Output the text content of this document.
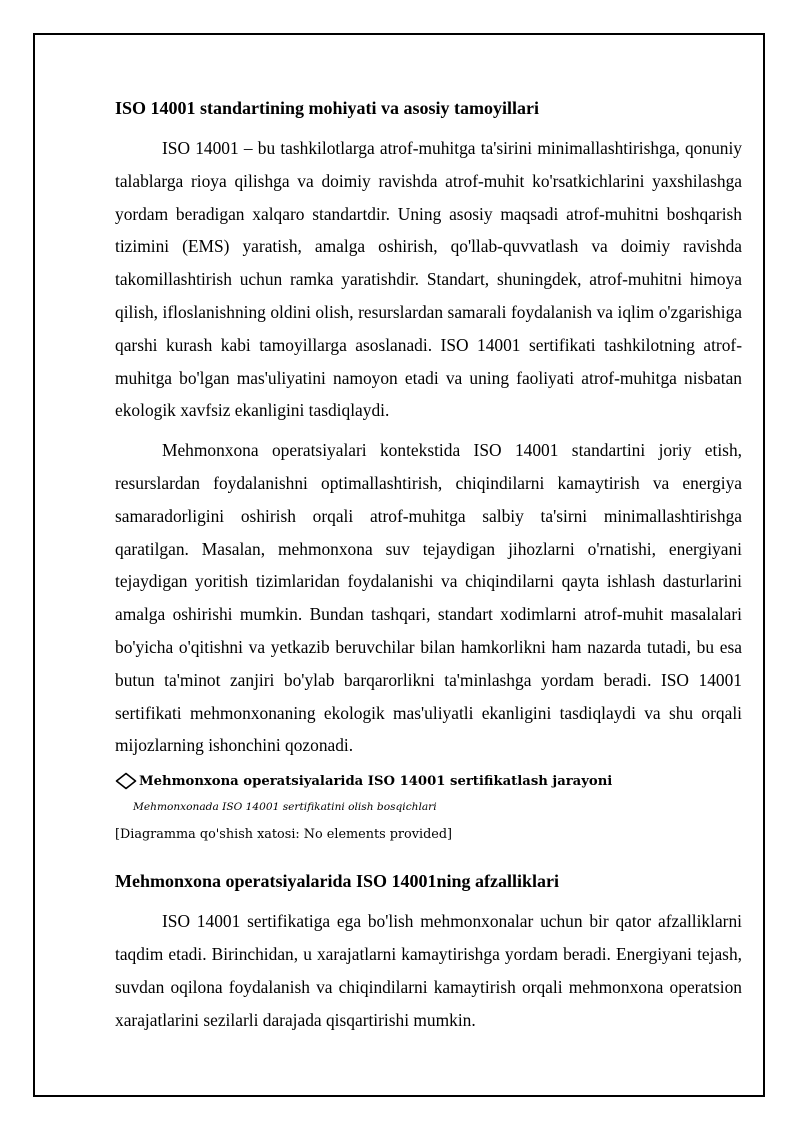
ISO 14001 standartining mohiyati va asosiy tamoyillari

ISO 14001 – bu tashkilotlarga atrof-muhitga ta'sirini minimallashtirishga, qonuniy talablarga rioya qilishga va doimiy ravishda atrof-muhit ko'rsatkichlarini yaxshilashga yordam beradigan xalqaro standartdir. Uning asosiy maqsadi atrof-muhitni boshqarish tizimini (EMS) yaratish, amalga oshirish, qo'llab-quvvatlash va doimiy ravishda takomillashtirish uchun ramka yaratishdir. Standart, shuningdek, atrof-muhitni himoya qilish, ifloslanishning oldini olish, resurslardan samarali foydalanish va iqlim o'zgarishiga qarshi kurash kabi tamoyillarga asoslanadi. ISO 14001 sertifikati tashkilotning atrof-muhitga bo'lgan mas'uliyatini namoyon etadi va uning faoliyati atrof-muhitga nisbatan ekologik xavfsiz ekanligini tasdiqlaydi.

Mehmonxona operatsiyalari kontekstida ISO 14001 standartini joriy etish, resurslardan foydalanishni optimallashtirish, chiqindilarni kamaytirish va energiya samaradorligini oshirish orqali atrof-muhitga salbiy ta'sirni minimallashtirishga qaratilgan. Masalan, mehmonxona suv tejaydigan jihozlarni o'rnatishi, energiyani tejaydigan yoritish tizimlaridan foydalanishi va chiqindilarni qayta ishlash dasturlarini amalga oshirishi mumkin. Bundan tashqari, standart xodimlarni atrof-muhit masalalari bo'yicha o'qitishni va yetkazib beruvchilar bilan hamkorlikni ham nazarda tutadi, bu esa butun ta'minot zanjiri bo'ylab barqarorlikni ta'minlashga yordam beradi. ISO 14001 sertifikati mehmonxonaning ekologik mas'uliyatli ekanligini tasdiqlaydi va shu orqali mijozlarning ishonchini qozonadi.

Mehmonxona operatsiyalarida ISO 14001 sertifikatlash jarayoni
Mehmonxonada ISO 14001 sertifikatini olish bosqichlari
[Diagramma qo'shish xatosi: No elements provided]
Mehmonxona operatsiyalarida ISO 14001ning afzalliklari

ISO 14001 sertifikatiga ega bo'lish mehmonxonalar uchun bir qator afzalliklarni taqdim etadi. Birinchidan, u xarajatlarni kamaytirishga yordam beradi. Energiyani tejash, suvdan oqilona foydalanish va chiqindilarni kamaytirish orqali mehmonxona operatsion xarajatlarini sezilarli darajada qisqartirishi mumkin.
